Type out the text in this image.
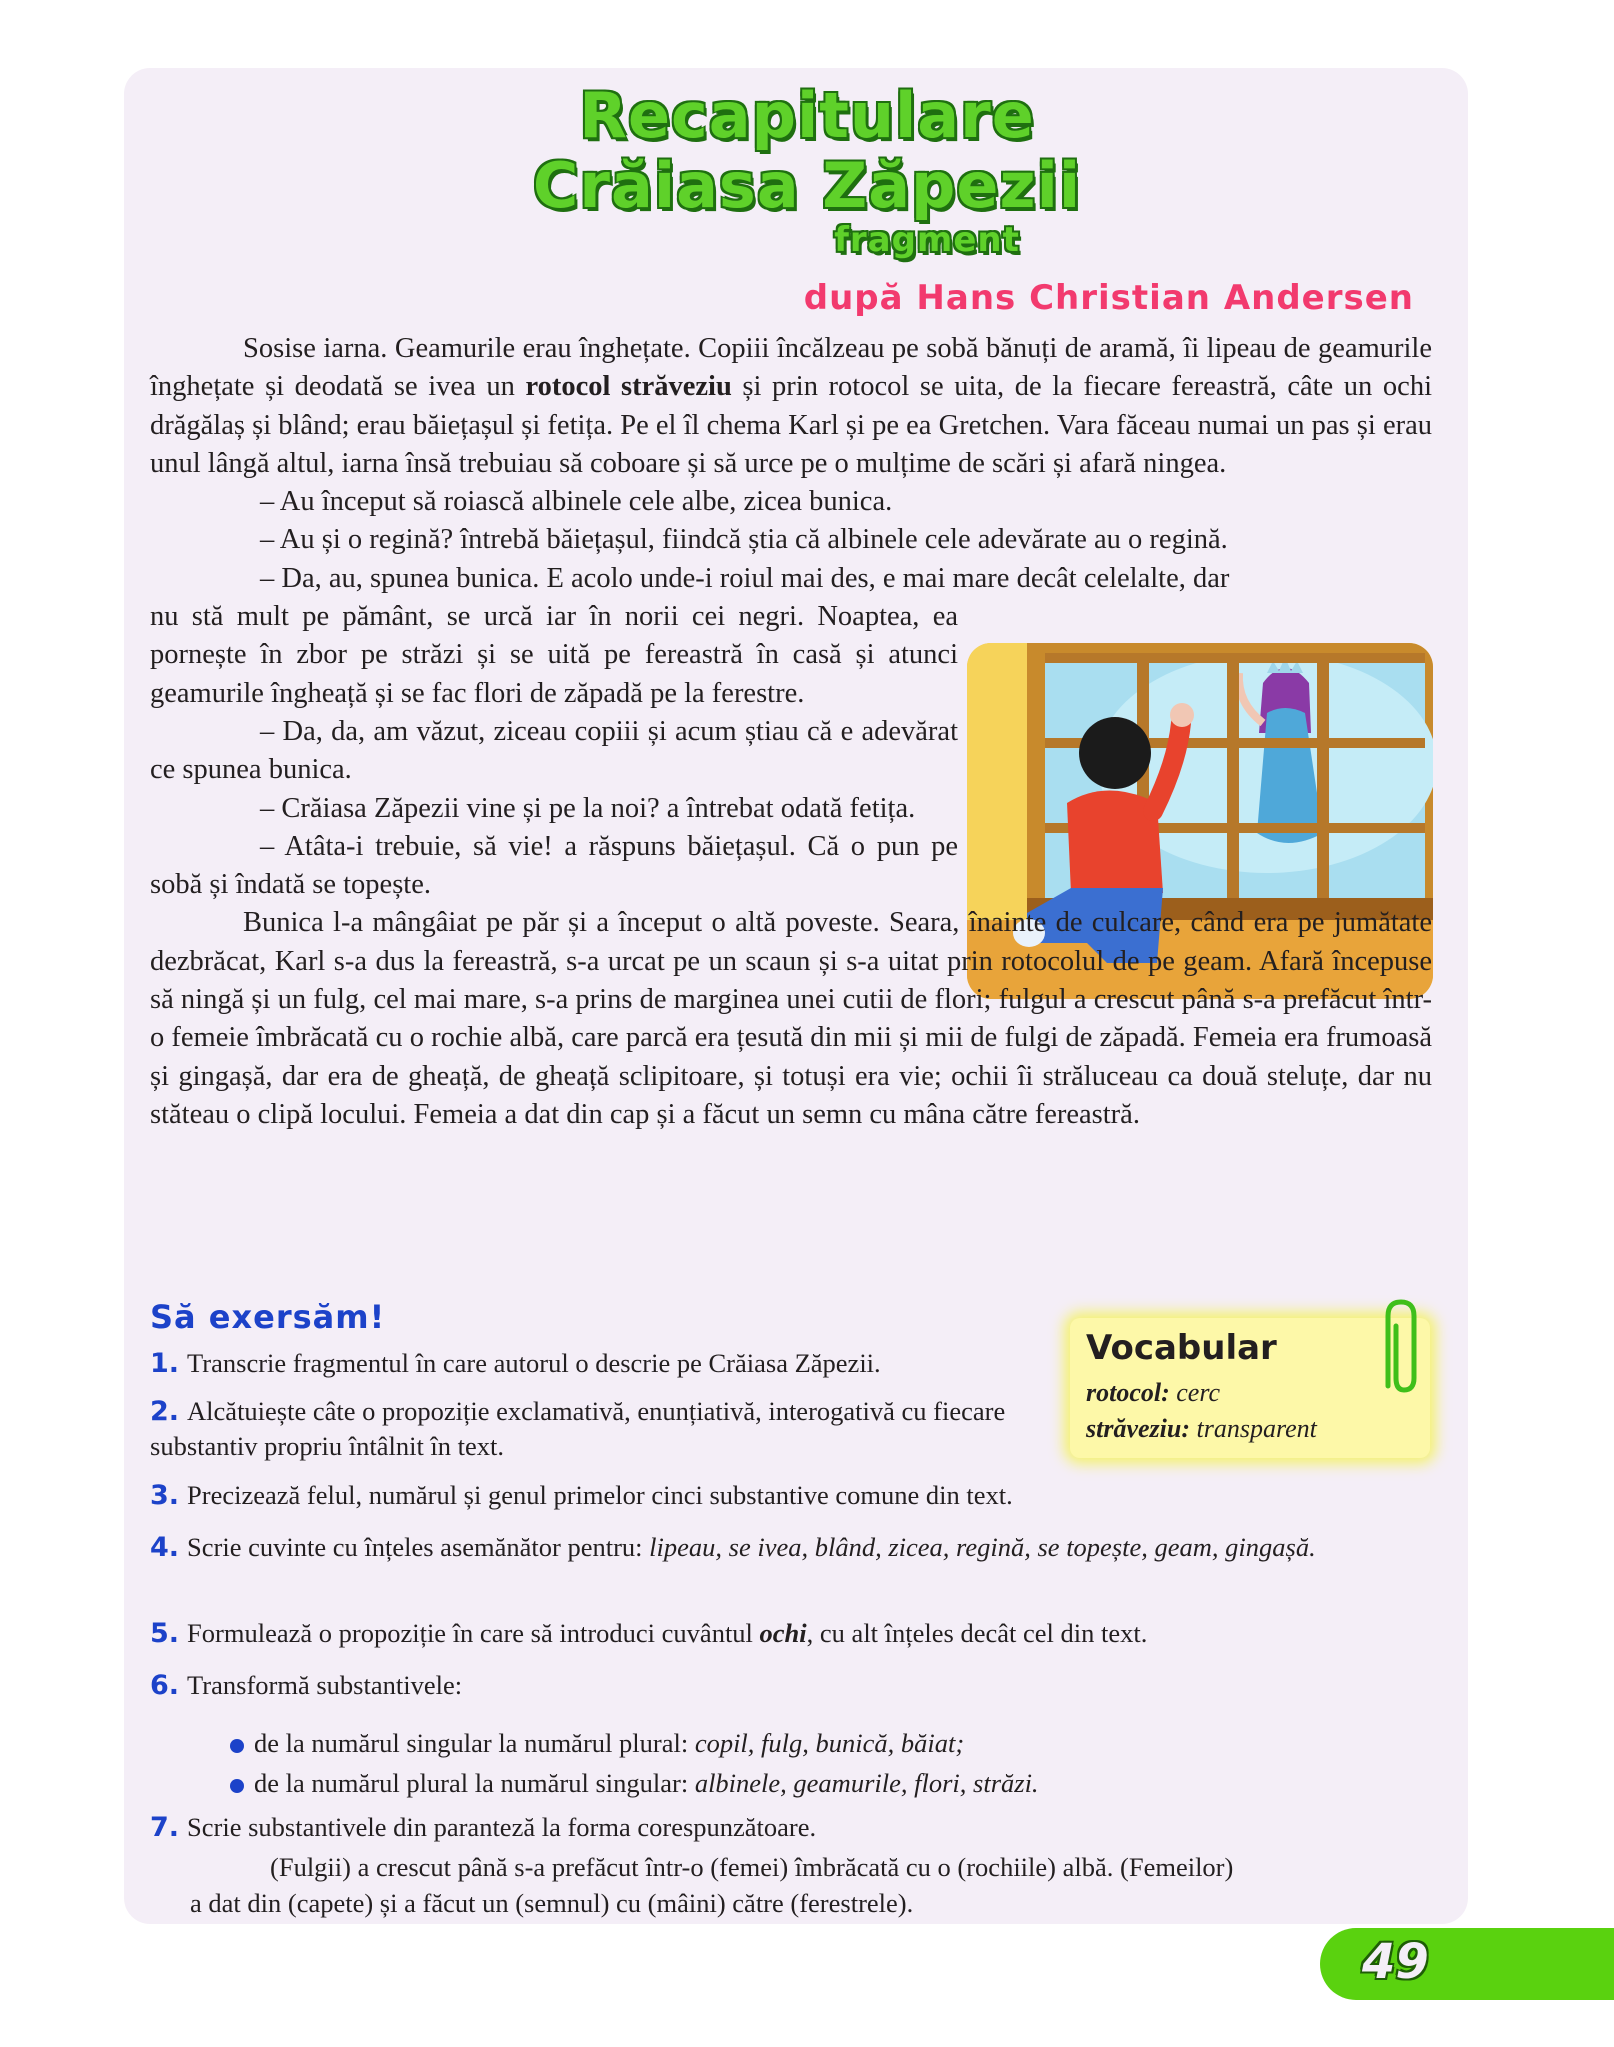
Recapitulare
Crăiasa Zăpezii
fragment
după Hans Christian Andersen

Sosise iarna. Geamurile erau înghețate. Copiii încălzeau pe sobă bănuți de aramă, îi lipeau de geamurile înghețate și deodată se ivea un rotocol străveziu și prin rotocol se uita, de la fiecare fereastră, câte un ochi drăgălaș și blând; erau băiețașul și fetița. Pe el îl chema Karl și pe ea Gretchen. Vara făceau numai un pas și erau unul lângă altul, iarna însă trebuiau să coboare și să urce pe o mulțime de scări și afară ningea.

– Au început să roiască albinele cele albe, zicea bunica.

– Au și o regină? întrebă băiețașul, fiindcă știa că albinele cele adevărate au o regină.

– Da, au, spunea bunica. E acolo unde-i roiul mai des, e mai mare decât celelalte, dar

nu stă mult pe pământ, se urcă iar în norii cei negri. Noaptea, ea pornește în zbor pe străzi și se uită pe fereastră în casă și atunci geamurile îngheață și se fac flori de zăpadă pe la ferestre.

– Da, da, am văzut, ziceau copiii și acum știau că e adevărat ce spunea bunica.

– Crăiasa Zăpezii vine și pe la noi? a întrebat odată fetița.

– Atâta-i trebuie, să vie! a răspuns băiețașul. Că o pun pe sobă și îndată se topește.

Bunica l-a mângâiat pe păr și a început o altă poveste. Seara, înainte de culcare, când era pe jumătate dezbrăcat, Karl s-a dus la fereastră, s-a urcat pe un scaun și s-a uitat prin rotocolul de pe geam. Afară începuse să ningă și un fulg, cel mai mare, s-a prins de marginea unei cutii de flori; fulgul a crescut până s-a prefăcut într-o femeie îmbrăcată cu o rochie albă, care parcă era țesută din mii și mii de fulgi de zăpadă. Femeia era frumoasă și gingașă, dar era de gheață, de gheață sclipitoare, și totuși era vie; ochii îi străluceau ca două steluțe, dar nu stăteau o clipă locului. Femeia a dat din cap și a făcut un semn cu mâna către fereastră.

Să exersăm!
1. Transcrie fragmentul în care autorul o descrie pe Crăiasa Zăpezii.
2. Alcătuiește câte o propoziție exclamativă, enunțiativă, interogativă cu fiecare substantiv propriu întâlnit în text.
3. Precizează felul, numărul și genul primelor cinci substantive comune din text.
4. Scrie cuvinte cu înțeles asemănător pentru: lipeau, se ivea, blând, zicea, regină, se topește, geam, gingașă.
5. Formulează o propoziție în care să introduci cuvântul ochi, cu alt înțeles decât cel din text.
6. Transformă substantivele:
de la numărul singular la numărul plural: copil, fulg, bunică, băiat;
de la numărul plural la numărul singular: albinele, geamurile, flori, străzi.
7. Scrie substantivele din paranteză la forma corespunzătoare.
(Fulgii) a crescut până s-a prefăcut într-o (femei) îmbrăcată cu o (rochiile) albă. (Femeilor)
a dat din (capete) și a făcut un (semnul) cu (mâini) către (ferestrele).
Vocabular
rotocol: cerc
străveziu: transparent
49
